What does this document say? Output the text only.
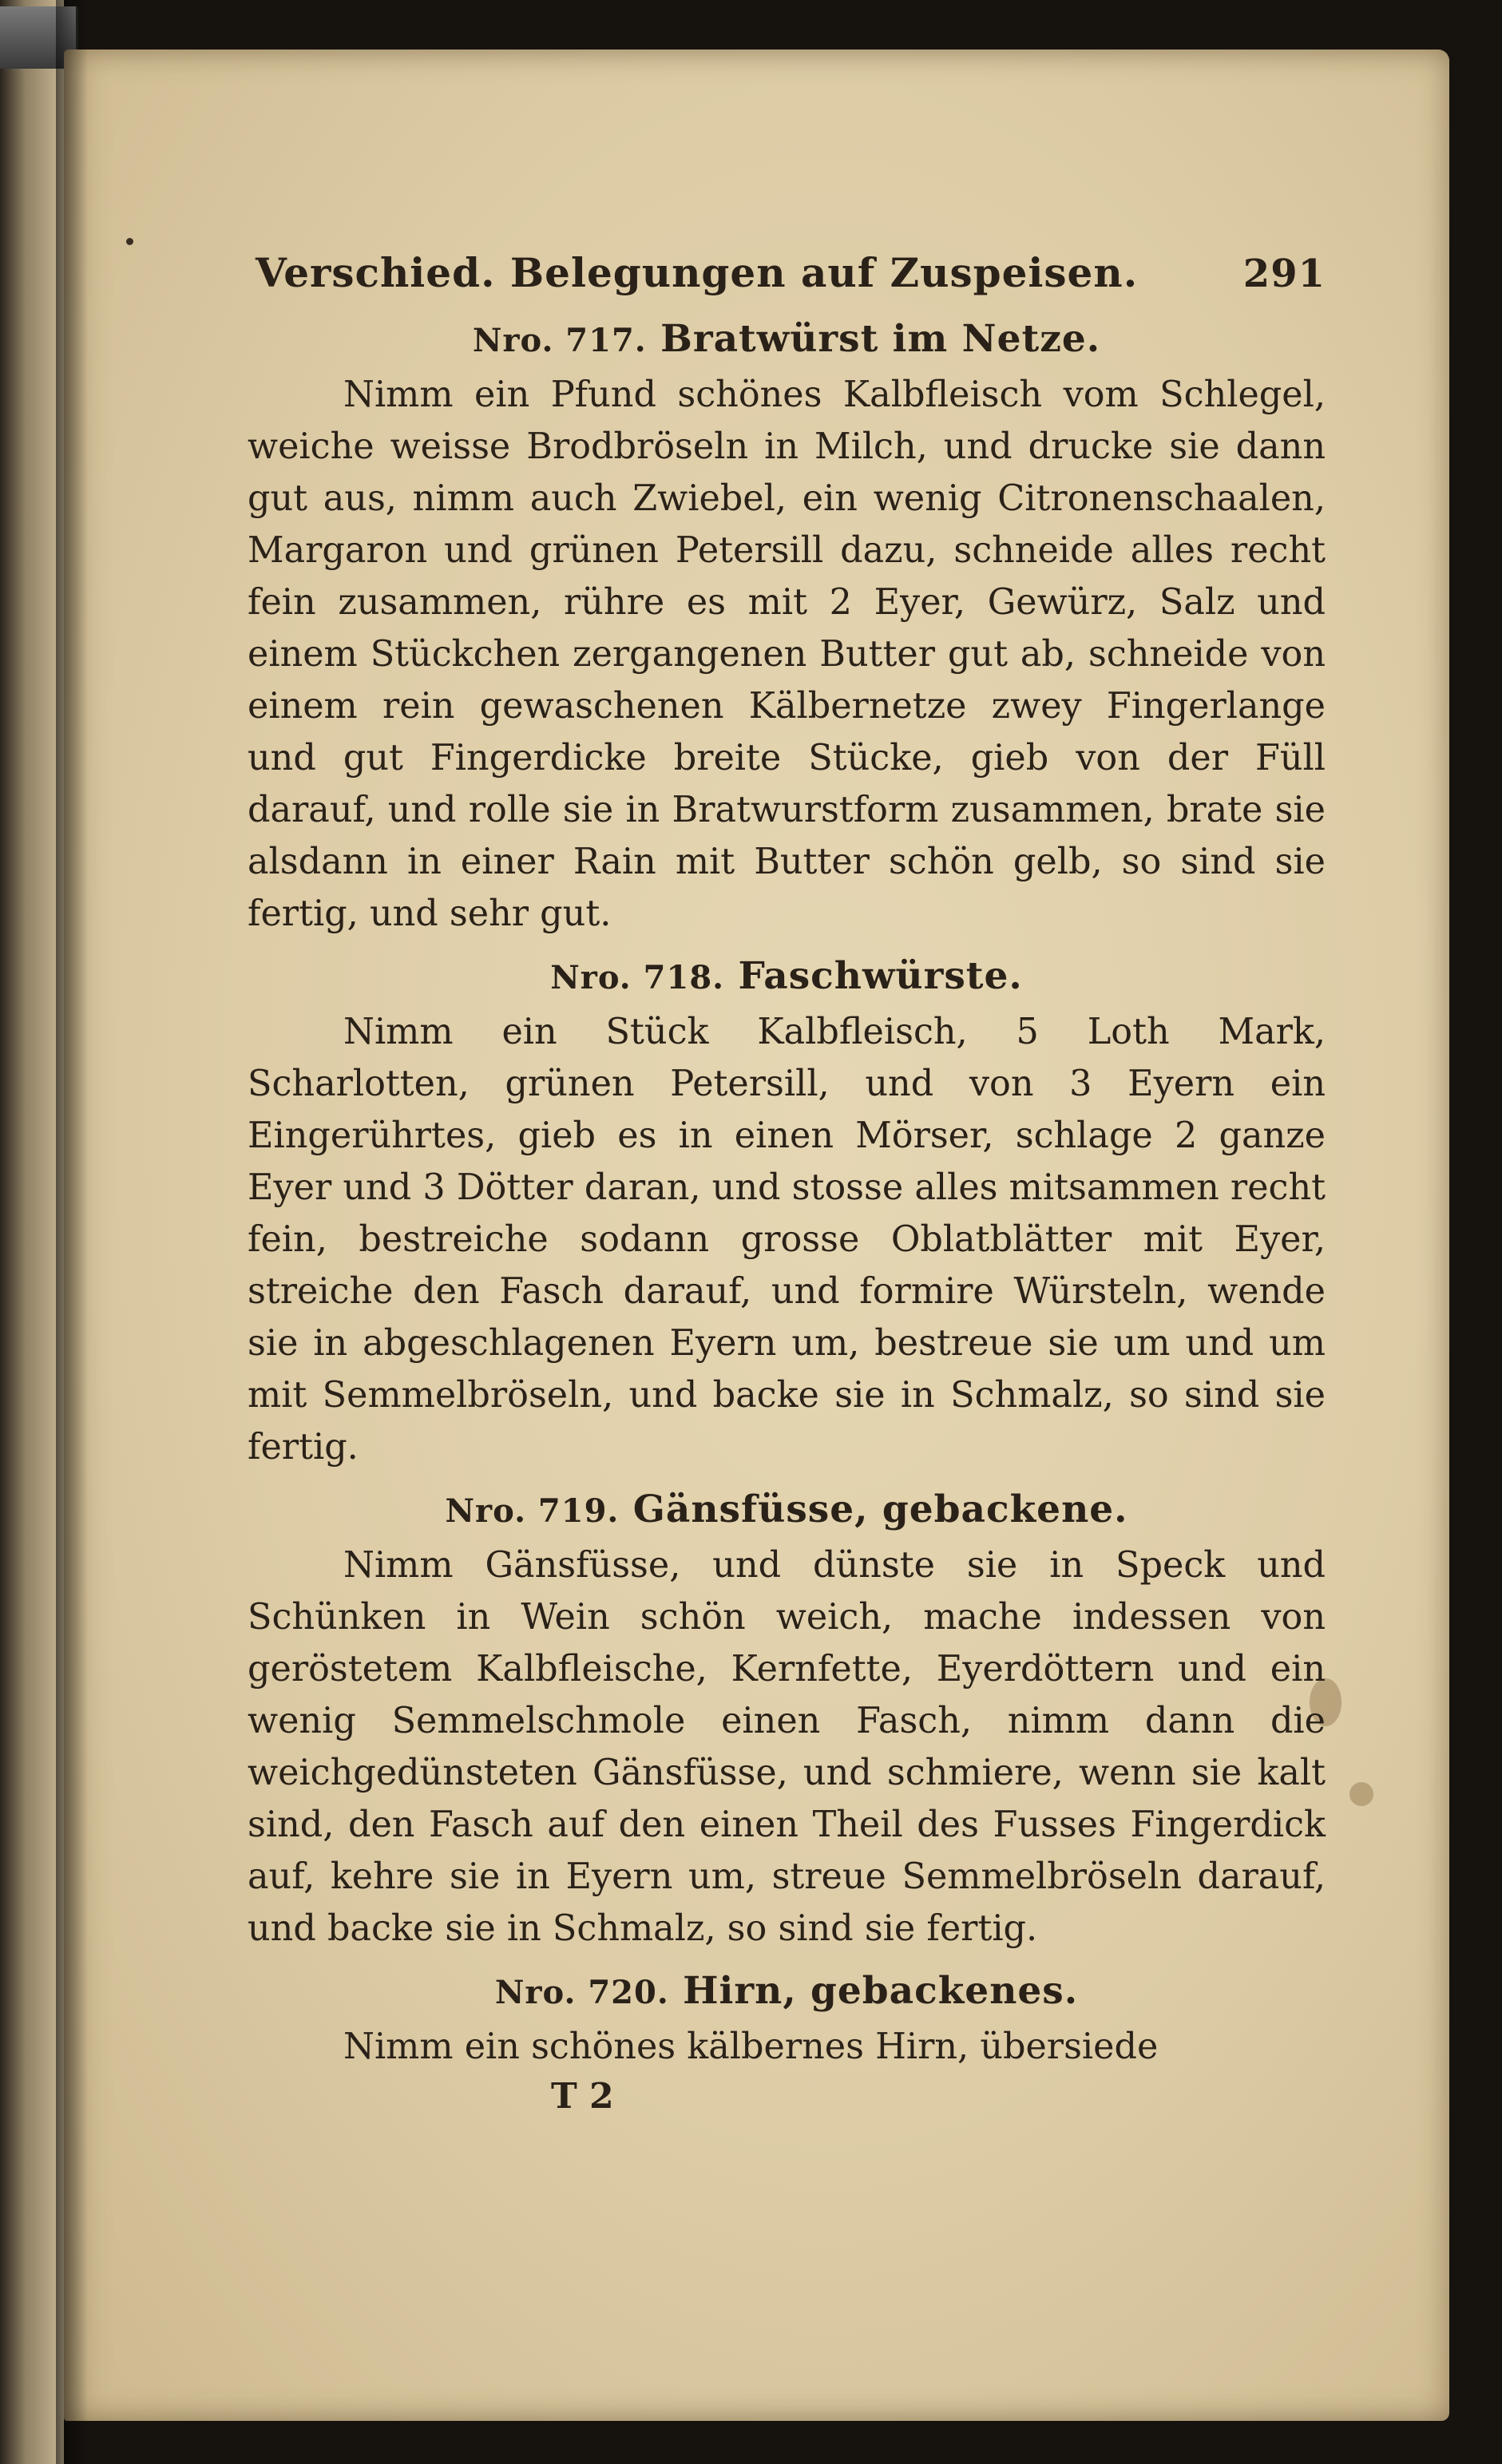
Verschied. Belegungen auf Zuspeisen.	291
Nro. 717. Bratwürst im Netze.

Nimm ein Pfund schönes Kalbfleisch vom Schlegel, weiche weisse Brodbröseln in Milch, und drucke sie dann gut aus, nimm auch Zwiebel, ein wenig Citronenschaalen, Margaron und grünen Petersill dazu, schneide alles recht fein zusammen, rühre es mit 2 Eyer, Gewürz, Salz und einem Stückchen zergangenen Butter gut ab, schneide von einem rein gewaschenen Kälbernetze zwey Fingerlange und gut Fingerdicke breite Stücke, gieb von der Füll darauf, und rolle sie in Bratwurstform zusammen, brate sie alsdann in einer Rain mit Butter schön gelb, so sind sie fertig, und sehr gut.

Nro. 718. Faschwürste.

Nimm ein Stück Kalbfleisch, 5 Loth Mark, Scharlotten, grünen Petersill, und von 3 Eyern ein Eingerührtes, gieb es in einen Mörser, schlage 2 ganze Eyer und 3 Dötter daran, und stosse alles mitsammen recht fein, bestreiche sodann grosse Oblatblätter mit Eyer, streiche den Fasch darauf, und formire Würsteln, wende sie in abgeschlagenen Eyern um, bestreue sie um und um mit Semmelbröseln, und backe sie in Schmalz, so sind sie fertig.

Nro. 719. Gänsfüsse, gebackene.

Nimm Gänsfüsse, und dünste sie in Speck und Schünken in Wein schön weich, mache indessen von geröstetem Kalbfleische, Kernfette, Eyerdöttern und ein wenig Semmelschmole einen Fasch, nimm dann die weichgedünsteten Gänsfüsse, und schmiere, wenn sie kalt sind, den Fasch auf den einen Theil des Fusses Fingerdick auf, kehre sie in Eyern um, streue Semmelbröseln darauf, und backe sie in Schmalz, so sind sie fertig.

Nro. 720. Hirn, gebackenes.

Nimm ein schönes kälbernes Hirn, übersiede

T 2
